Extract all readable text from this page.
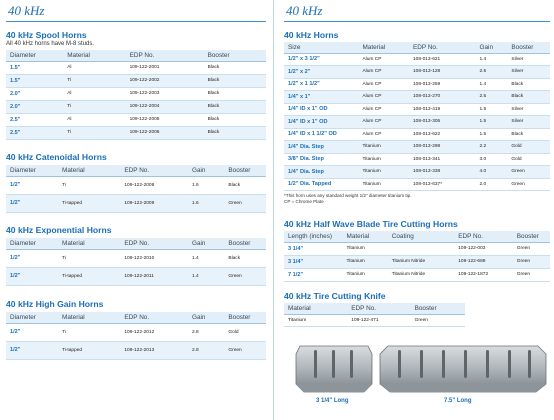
40 kHz
40 kHz Spool Horns
All 40 kHz horns have M-8 studs.
Diameter	Material	EDP No.	Booster
1.5"	Al	109-122-2001	Black
1.5"	Ti	109-122-2002	Black
2.0"	Al	109-122-2003	Black
2.0"	Ti	109-122-2004	Black
2.5"	Al	109-122-2005	Black
2.5"	Ti	109-122-2006	Black
40 kHz Catenoidal Horns
Diameter	Material	EDP No.	Gain	Booster
1/2"	Ti	109-122-2008	1.6	Black
1/2"	Ti-tapped	109-122-2009	1.6	Green
40 kHz Exponential Horns
Diameter	Material	EDP No.	Gain	Booster
1/2"	Ti	109-122-2010	1.4	Black
1/2"	Ti-tapped	109-122-2011	1.4	Green
40 kHz High Gain Horns
Diameter	Material	EDP No.	Gain	Booster
1/2"	Ti	109-122-2012	2.8	Gold
1/2"	Ti-tapped	109-122-2013	2.8	Green
40 kHz
40 kHz Horns
Size	Material	EDP No.	Gain	Booster
1/2" x 3 1/2"	Alum CP	108-013-621	1.4	Silver
1/2" x 2"	Alum CP	108-013-128	2.5	Silver
1/2" x 1 1/2"	Alum CP	108-013-259	1.4	Black
1/4" x 1"	Alum CP	108-013-270	2.5	Black
1/4" ID x 1" OD	Alum CP	108-013-419	1.5	Silver
1/4" ID x 1" OD	Alum CP	108-013-305	1.5	Silver
1/4" ID x 1 1/2" OD	Alum CP	108-013-622	1.5	Black
1/4" Dia. Step	Titanium	108-013-298	2.2	Gold
3/8" Dia. Step	Titanium	108-013-341	3.0	Gold
1/4" Dia. Step	Titanium	108-013-338	4.0	Green
1/2" Dia. Tapped	Titanium	108-013-637*	2.0	Green
*This horn uses any standard weight 1/2" diameter titanium tip.
CP = Chrome Plate
40 kHz Half Wave Blade Tire Cutting Horns
Length (inches)	Material	Coating	EDP No.	Booster
3 1/4"	Titanium		109-122-003	Green
3 1/4"	Titanium	Titanium Nitride	109-122-689	Green
7 1/2"	Titanium	Titanium Nitride	109-122-1872	Green
40 kHz Tire Cutting Knife
Material	EDP No.	Booster
Titanium	109-122-471	Green
3 1/4" Long	7.5" Long
